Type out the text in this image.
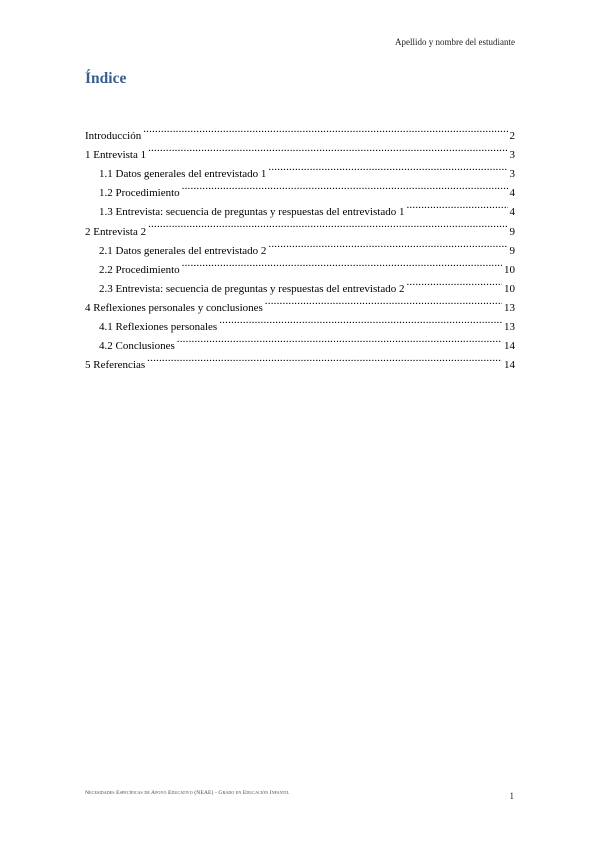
Apellido y nombre del estudiante
Índice
Introducción .....	2
1 Entrevista 1 .....	3
1.1 Datos generales del entrevistado 1 .....	3
1.2 Procedimiento .....	4
1.3 Entrevista: secuencia de preguntas y respuestas del entrevistado 1 .....	4
2 Entrevista 2 .....	9
2.1 Datos generales del entrevistado 2 .....	9
2.2 Procedimiento .....	10
2.3 Entrevista: secuencia de preguntas y respuestas del entrevistado 2 .....	10
4 Reflexiones personales y conclusiones .....	13
4.1 Reflexiones personales .....	13
4.2 Conclusiones .....	14
5 Referencias .....	14
Necesidades Específicas de Apoyo Educativo (NEAE) - Grado en Educación Infantil	1
